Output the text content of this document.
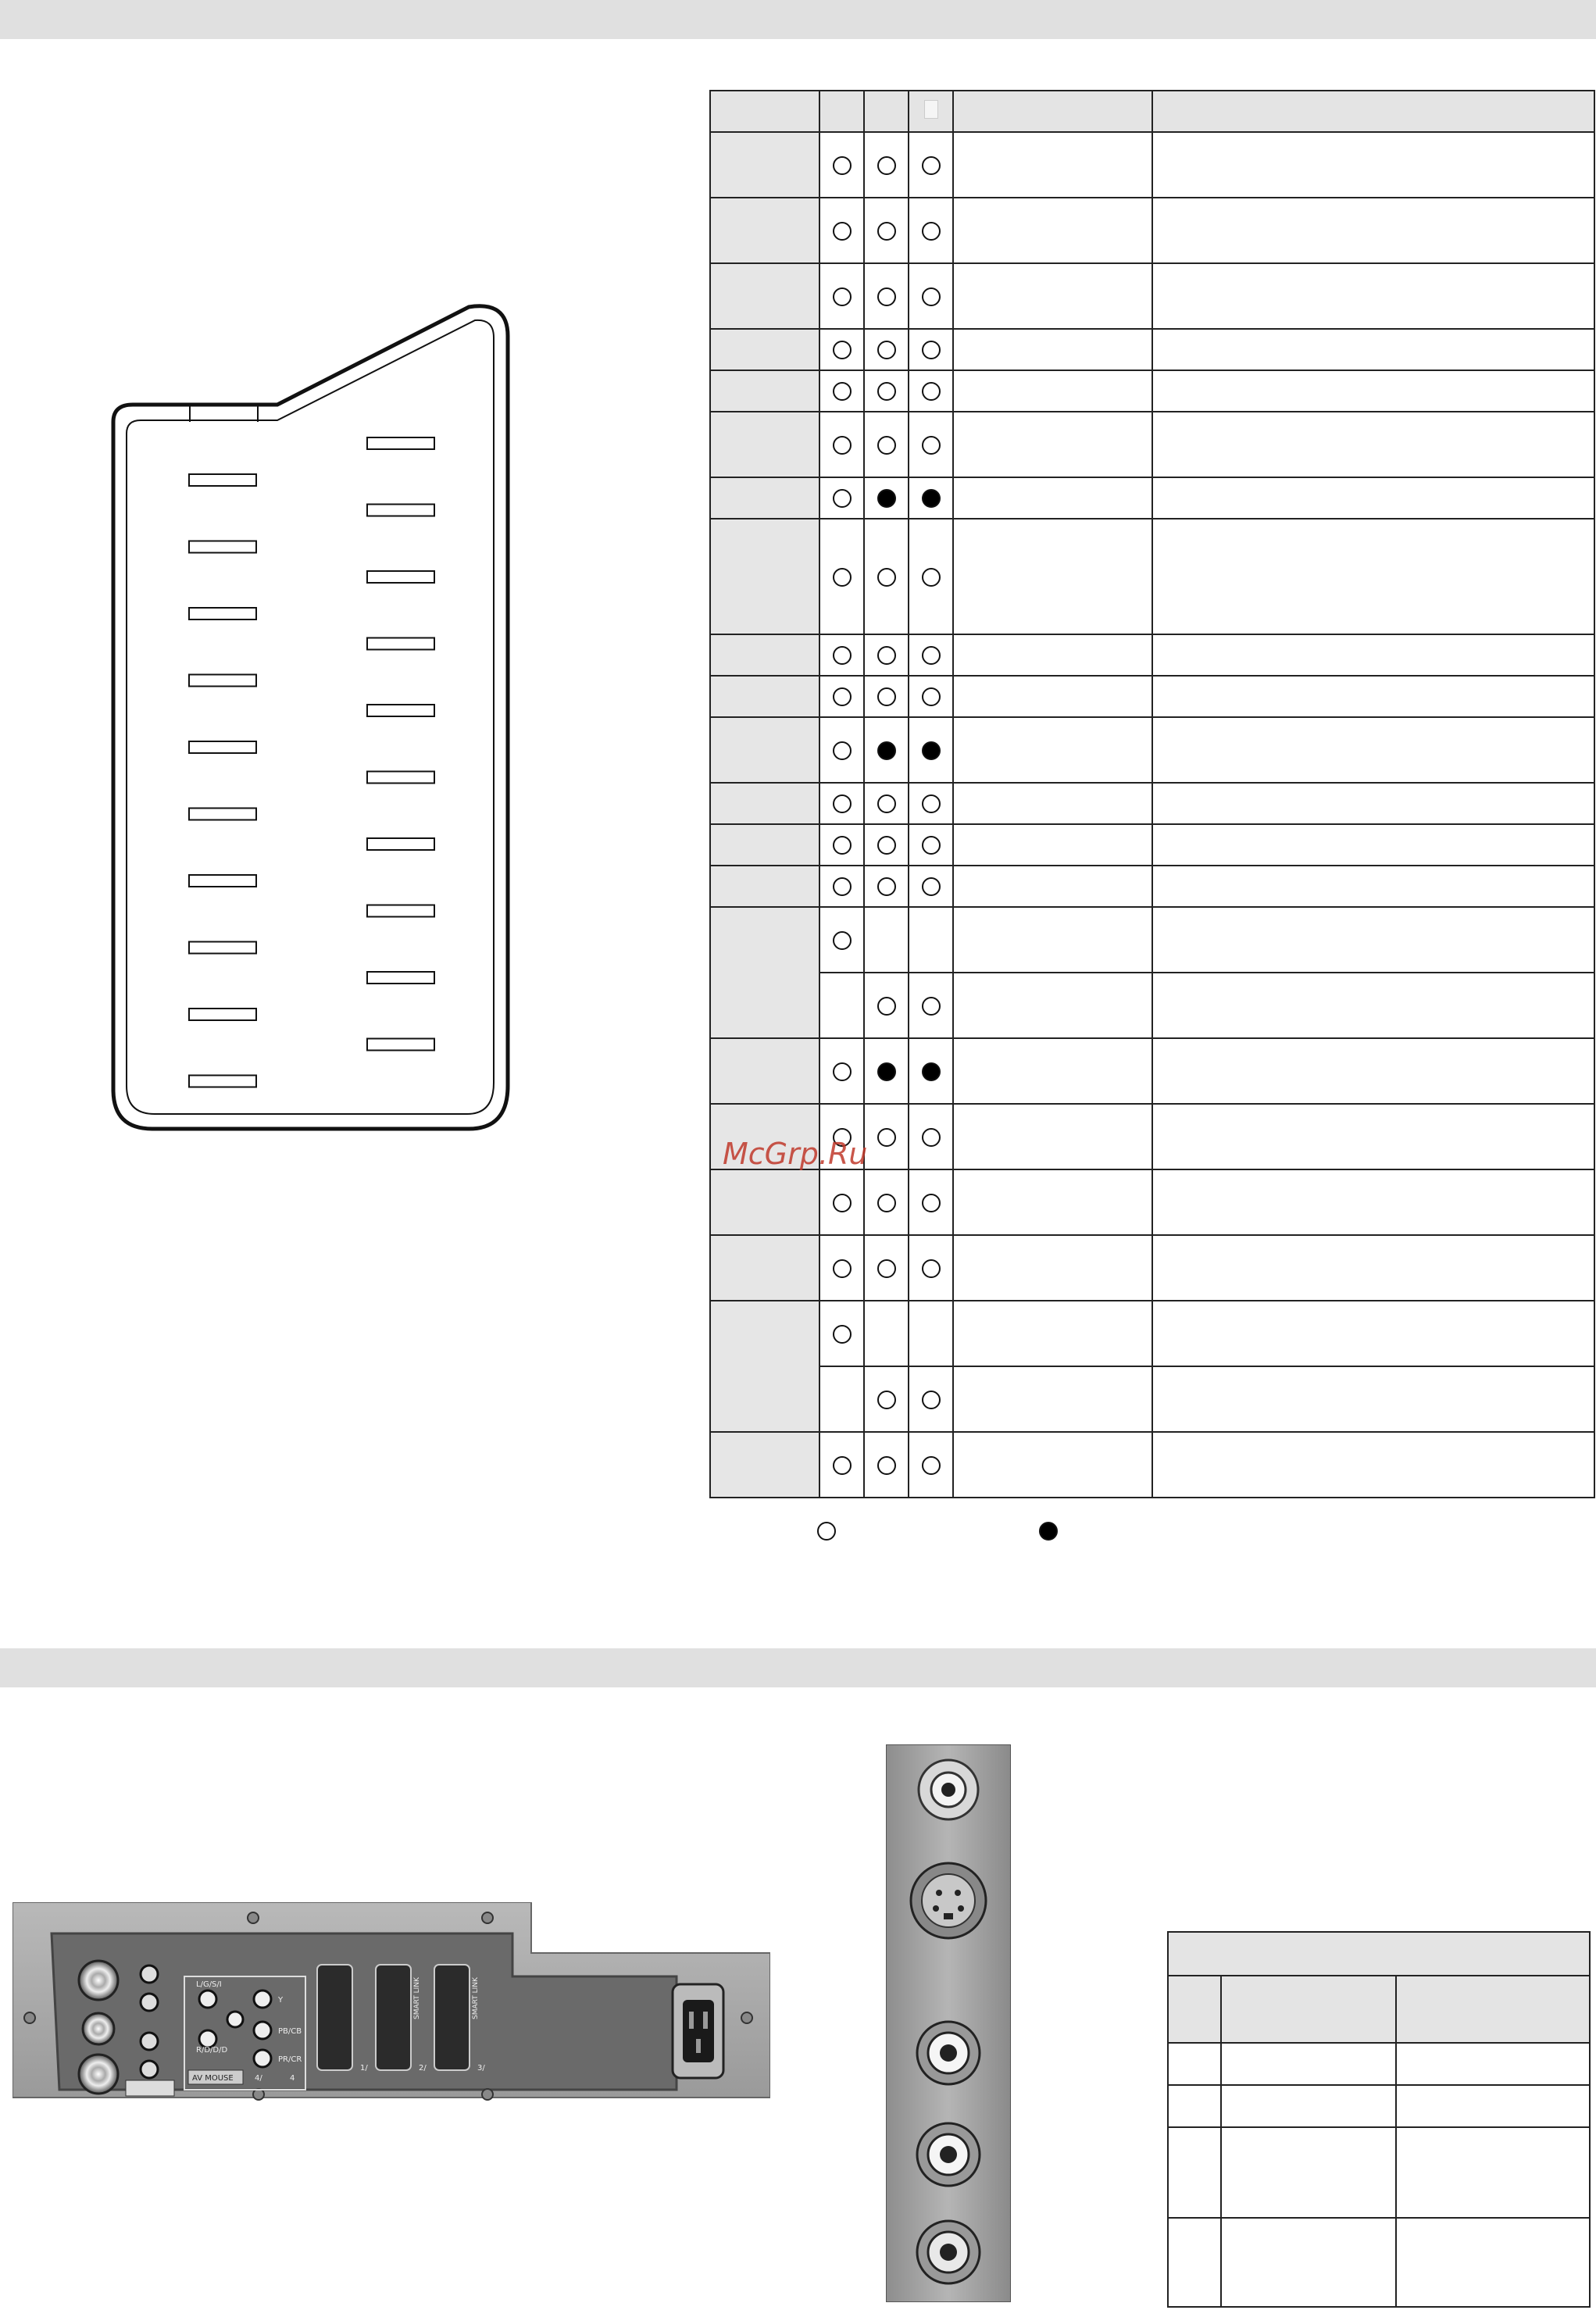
McGrp.Ru
L/G/S/I
Y
R/D/D/D
PB/CB
PR/CR
AV MOUSE	4/	4
1/	2/	3/
SMART LINK	SMART LINK
